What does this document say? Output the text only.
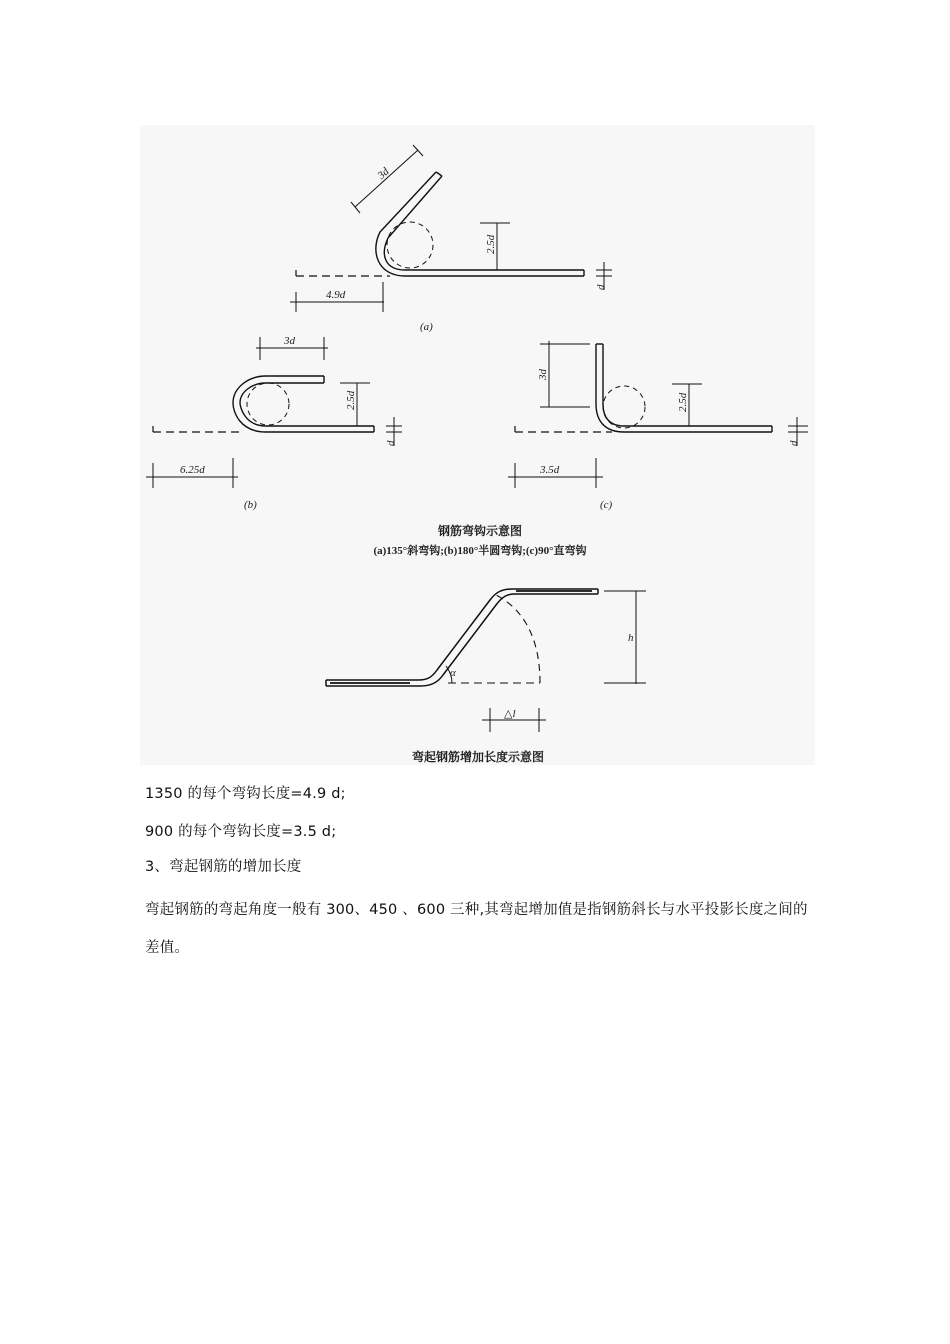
3d
2.5d
d
4.9d
(a)
3d
2.5d
d
6.25d
(b)
3d
2.5d
d
3.5d
(c)
钢筋弯钩示意图
(a)135°斜弯钩;(b)180°半圆弯钩;(c)90°直弯钩
h
α
△l
弯起钢筋增加长度示意图
1350 的每个弯钩长度=4.9 d;
900 的每个弯钩长度=3.5 d;
3、弯起钢筋的增加长度
弯起钢筋的弯起角度一般有 300、450 、600 三种,其弯起增加值是指钢筋斜长与水平投影长度之间的差值。
